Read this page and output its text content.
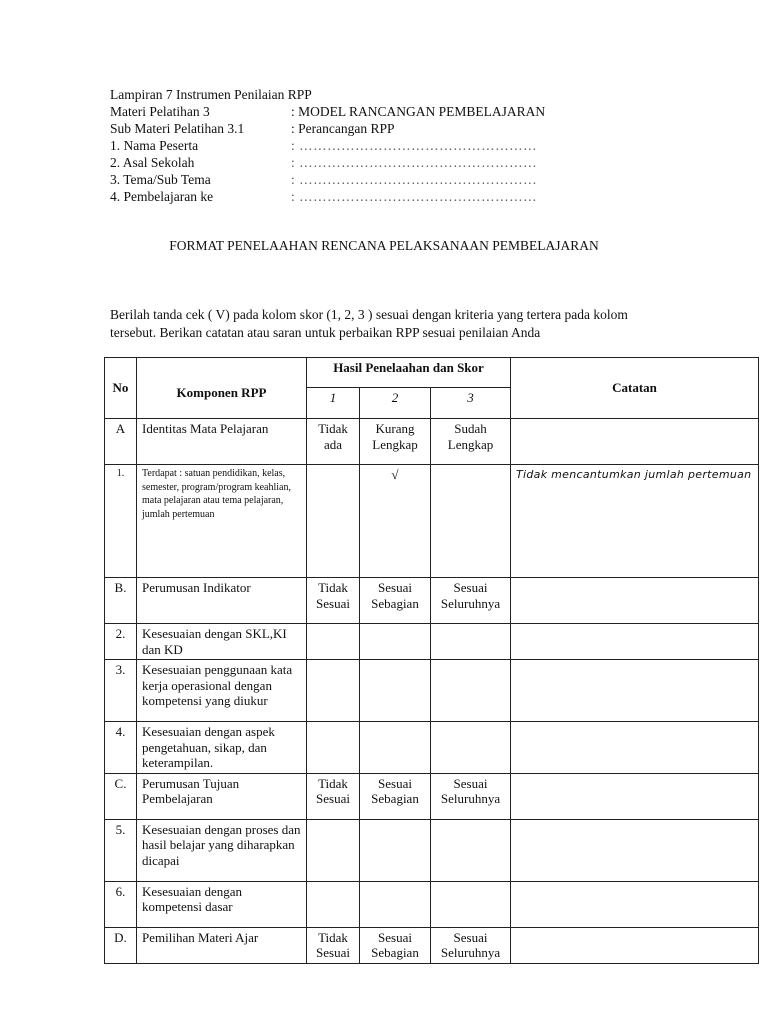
Lampiran 7 Instrumen Penilaian RPP
Materi Pelatihan 3	: MODEL RANCANGAN PEMBELAJARAN
Sub Materi Pelatihan 3.1	: Perancangan RPP
1. Nama Peserta	: ……………………………………………
2. Asal Sekolah	: ……………………………………………
3. Tema/Sub Tema	: ……………………………………………
4. Pembelajaran ke	: ……………………………………………
FORMAT PENELAAHAN RENCANA PELAKSANAAN PEMBELAJARAN
Berilah tanda cek ( V) pada kolom skor (1, 2, 3 ) sesuai dengan kriteria yang tertera pada kolom tersebut. Berikan catatan atau saran untuk perbaikan RPP sesuai penilaian Anda
No	Komponen RPP	Hasil Penelaahan dan Skor			Catatan
		1	2	3	
A	Identitas Mata Pelajaran	Tidak ada	Kurang Lengkap	Sudah Lengkap	
1.	Terdapat : satuan pendidikan, kelas, semester, program/program keahlian, mata pelajaran atau tema pelajaran, jumlah pertemuan		√		Tidak mencantumkan jumlah pertemuan
B.	Perumusan Indikator	Tidak Sesuai	Sesuai Sebagian	Sesuai Seluruhnya	
2.	Kesesuaian dengan SKL,KI dan KD				
3.	Kesesuaian penggunaan kata kerja operasional dengan kompetensi yang diukur				
4.	Kesesuaian dengan aspek pengetahuan, sikap, dan keterampilan.				
C.	Perumusan Tujuan Pembelajaran	Tidak Sesuai	Sesuai Sebagian	Sesuai Seluruhnya	
5.	Kesesuaian dengan proses dan hasil belajar yang diharapkan dicapai				
6.	Kesesuaian dengan kompetensi dasar				
D.	Pemilihan Materi Ajar	Tidak Sesuai	Sesuai Sebagian	Sesuai Seluruhnya	
